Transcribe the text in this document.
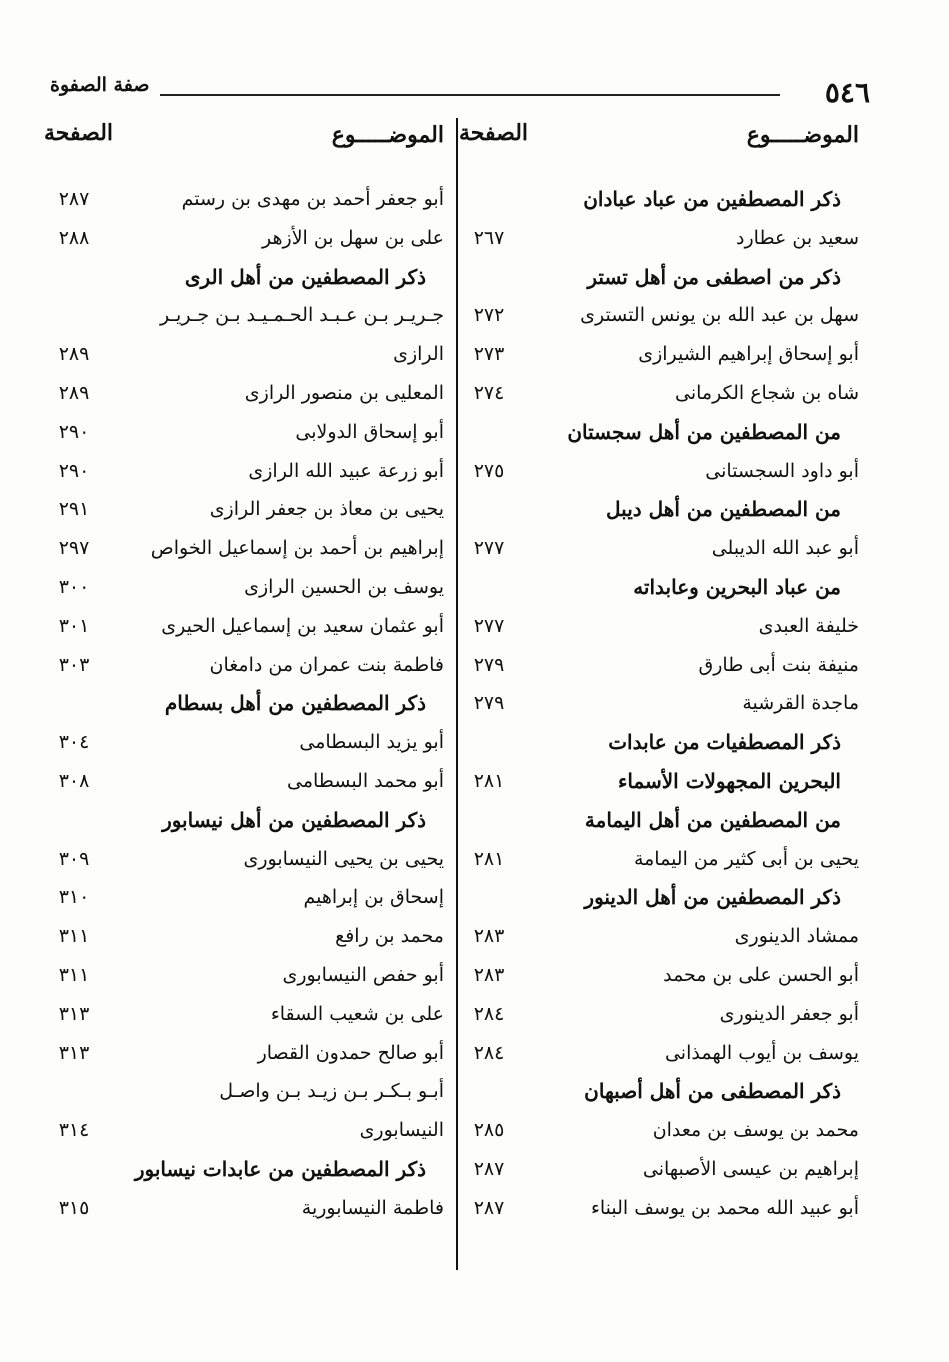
٥٤٦
صفة الصفوة
الموضـــــوع
الصفحة
ذكر المصطفين من عباد عبادان
سعيد بن عطارد
٢٦٧
ذكر من اصطفى من أهل تستر
سهل بن عبد الله بن يونس التسترى
٢٧٢
أبو إسحاق إبراهيم الشيرازى
٢٧٣
شاه بن شجاع الكرمانى
٢٧٤
من المصطفين من أهل سجستان
أبو داود السجستانى
٢٧٥
من المصطفين من أهل ديبل
أبو عبد الله الديبلى
٢٧٧
من عباد البحرين وعابداته
خليفة العبدى
٢٧٧
منيفة بنت أبى طارق
٢٧٩
ماجدة القرشية
٢٧٩
ذكر المصطفيات من عابدات
البحرين المجهولات الأسماء
٢٨١
من المصطفين من أهل اليمامة
يحيى بن أبى كثير من اليمامة
٢٨١
ذكر المصطفين من أهل الدينور
ممشاد الدينورى
٢٨٣
أبو الحسن على بن محمد
٢٨٣
أبو جعفر الدينورى
٢٨٤
يوسف بن أيوب الهمذانى
٢٨٤
ذكر المصطفى من أهل أصبهان
محمد بن يوسف بن معدان
٢٨٥
إبراهيم بن عيسى الأصبهانى
٢٨٧
أبو عبيد الله محمد بن يوسف البناء
٢٨٧
الموضـــــوع
الصفحة
أبو جعفر أحمد بن مهدى بن رستم
٢٨٧
على بن سهل بن الأزهر
٢٨٨
ذكر المصطفين من أهل الرى
جـريـر بـن عـبـد الحـمـيـد بـن جـريـر
الرازى
٢٨٩
المعليى بن منصور الرازى
٢٨٩
أبو إسحاق الدولابى
٢٩٠
أبو زرعة عبيد الله الرازى
٢٩٠
يحيى بن معاذ بن جعفر الرازى
٢٩١
إبراهيم بن أحمد بن إسماعيل الخواص
٢٩٧
يوسف بن الحسين الرازى
٣٠٠
أبو عثمان سعيد بن إسماعيل الحيرى
٣٠١
فاطمة بنت عمران من دامغان
٣٠٣
ذكر المصطفين من أهل بسطام
أبو يزيد البسطامى
٣٠٤
أبو محمد البسطامى
٣٠٨
ذكر المصطفين من أهل نيسابور
يحيى بن يحيى النيسابورى
٣٠٩
إسحاق بن إبراهيم
٣١٠
محمد بن رافع
٣١١
أبو حفص النيسابورى
٣١١
على بن شعيب السقاء
٣١٣
أبو صالح حمدون القصار
٣١٣
أبـو بـكـر بـن زيـد بـن واصـل
النيسابورى
٣١٤
ذكر المصطفين من عابدات نيسابور
فاطمة النيسابورية
٣١٥
